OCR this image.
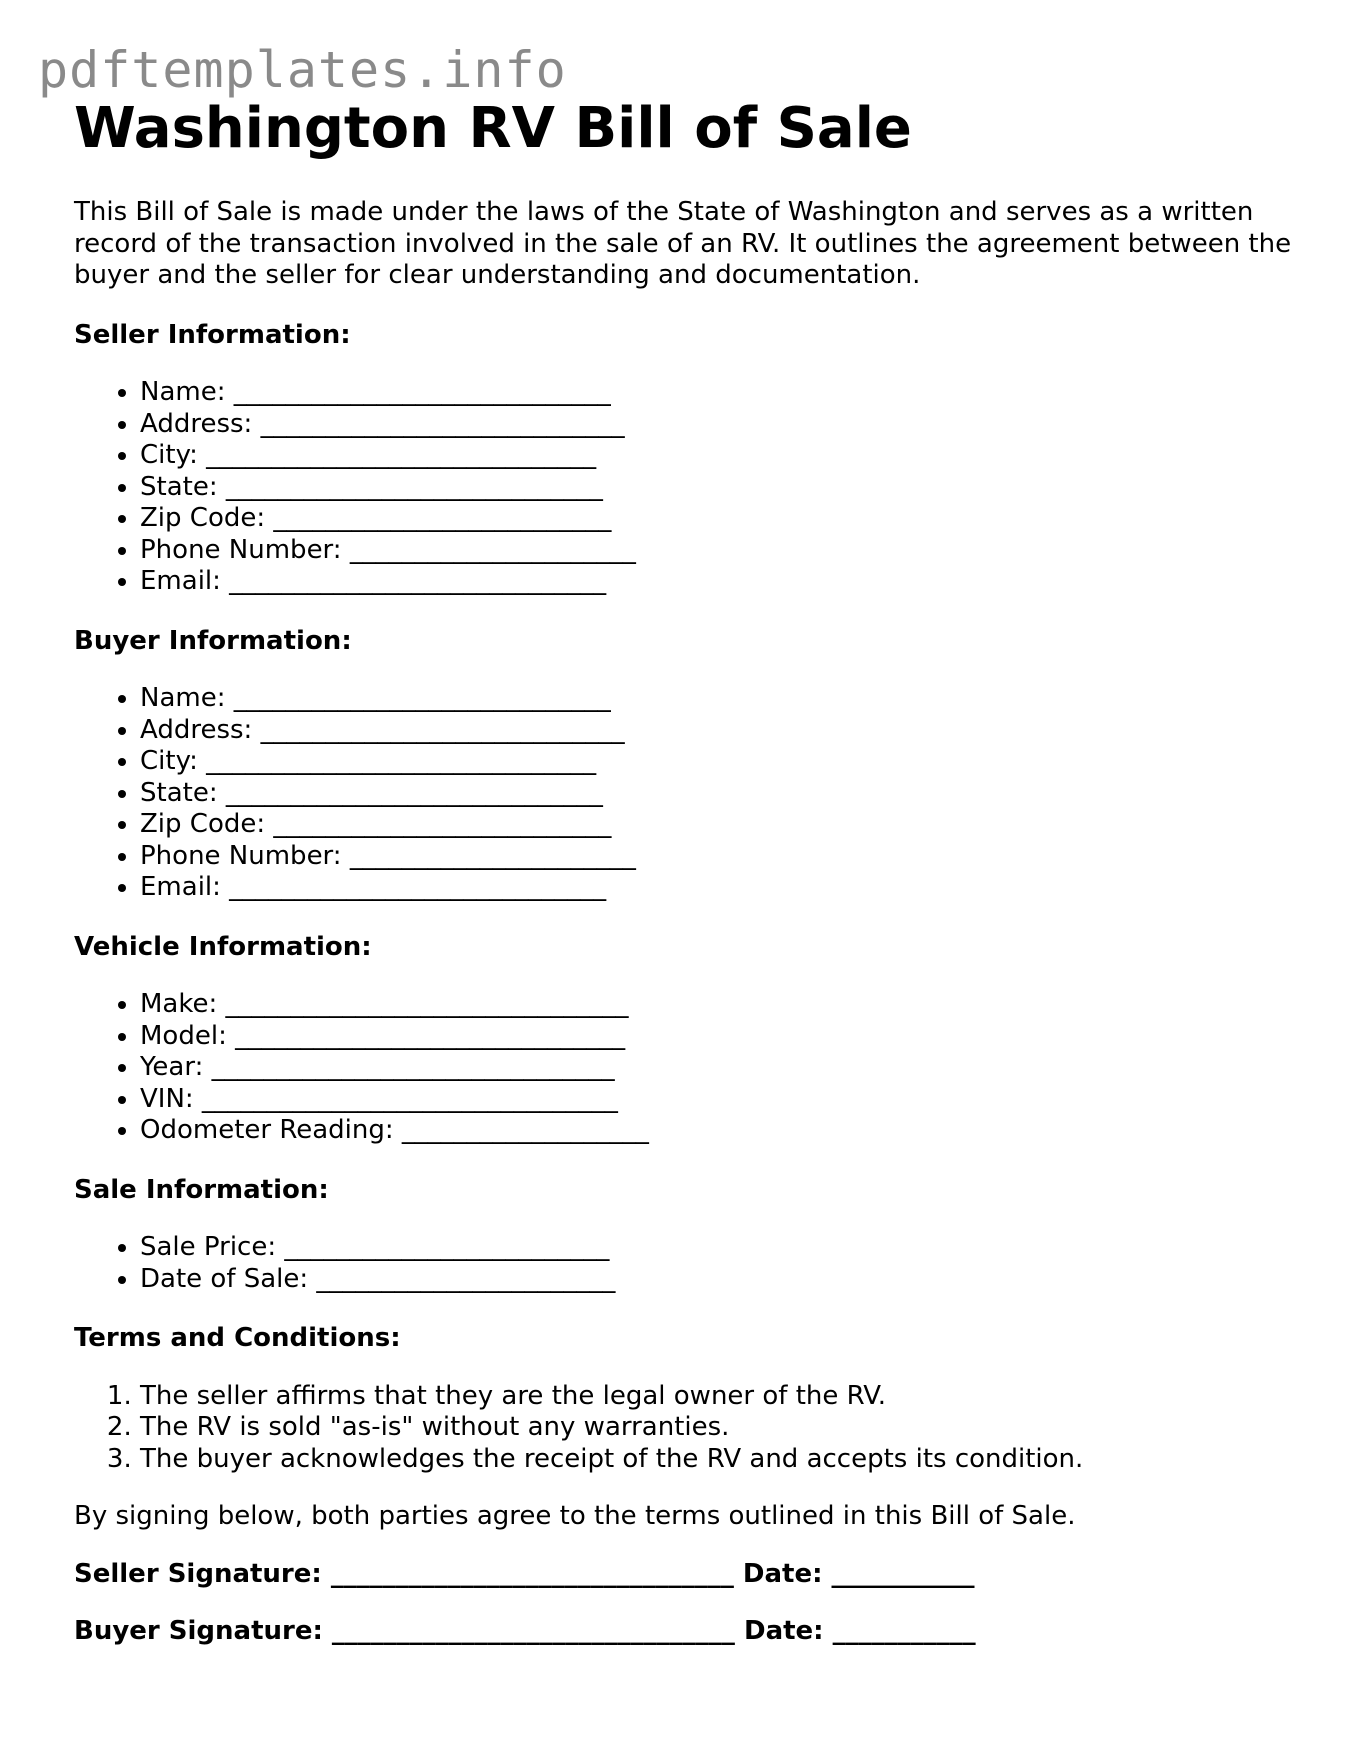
pdftemplates.info
Washington RV Bill of Sale

This Bill of Sale is made under the laws of the State of Washington and serves as a written record of the transaction involved in the sale of an RV. It outlines the agreement between the buyer and the seller for clear understanding and documentation.

Seller Information:
• Name: _____________________________
• Address: ____________________________
• City: ______________________________
• State: _____________________________
• Zip Code: __________________________
• Phone Number: ______________________
• Email: _____________________________
Buyer Information:
• Name: _____________________________
• Address: ____________________________
• City: ______________________________
• State: _____________________________
• Zip Code: __________________________
• Phone Number: ______________________
• Email: _____________________________
Vehicle Information:
• Make: _______________________________
• Model: ______________________________
• Year: _______________________________
• VIN: ________________________________
• Odometer Reading: ___________________
Sale Information:
• Sale Price: _________________________
• Date of Sale: _______________________
Terms and Conditions:
1. The seller affirms that they are the legal owner of the RV.
2. The RV is sold "as-is" without any warranties.
3. The buyer acknowledges the receipt of the RV and accepts its condition.

By signing below, both parties agree to the terms outlined in this Bill of Sale.

Seller Signature: _______________________________ Date: ___________

Buyer Signature: _______________________________ Date: ___________
